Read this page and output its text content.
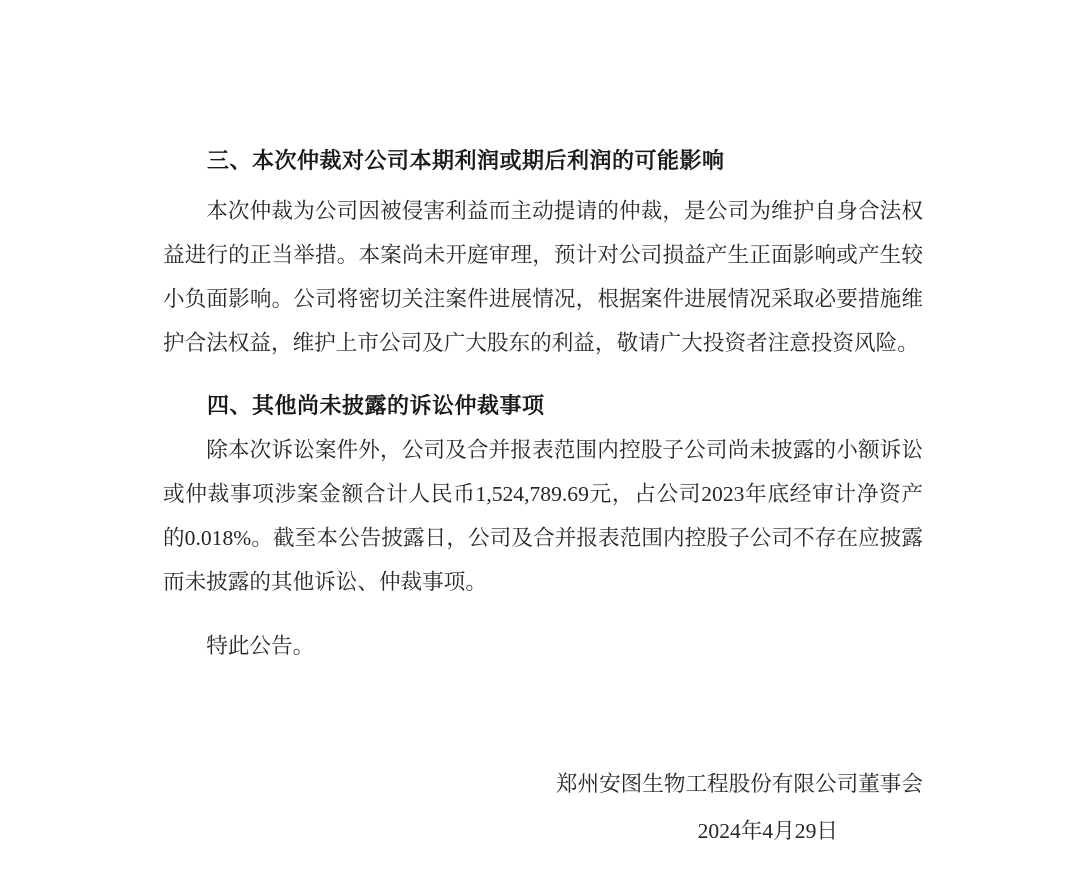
三、本次仲裁对公司本期利润或期后利润的可能影响

本次仲裁为公司因被侵害利益而主动提请的仲裁，是公司为维护自身合法权益进行的正当举措。本案尚未开庭审理，预计对公司损益产生正面影响或产生较小负面影响。公司将密切关注案件进展情况，根据案件进展情况采取必要措施维护合法权益，维护上市公司及广大股东的利益，敬请广大投资者注意投资风险。

四、其他尚未披露的诉讼仲裁事项

除本次诉讼案件外，公司及合并报表范围内控股子公司尚未披露的小额诉讼或仲裁事项涉案金额合计人民币1,524,789.69元，占公司2023年底经审计净资产的0.018%。截至本公告披露日，公司及合并报表范围内控股子公司不存在应披露而未披露的其他诉讼、仲裁事项。

特此公告。

郑州安图生物工程股份有限公司董事会
2024年4月29日
